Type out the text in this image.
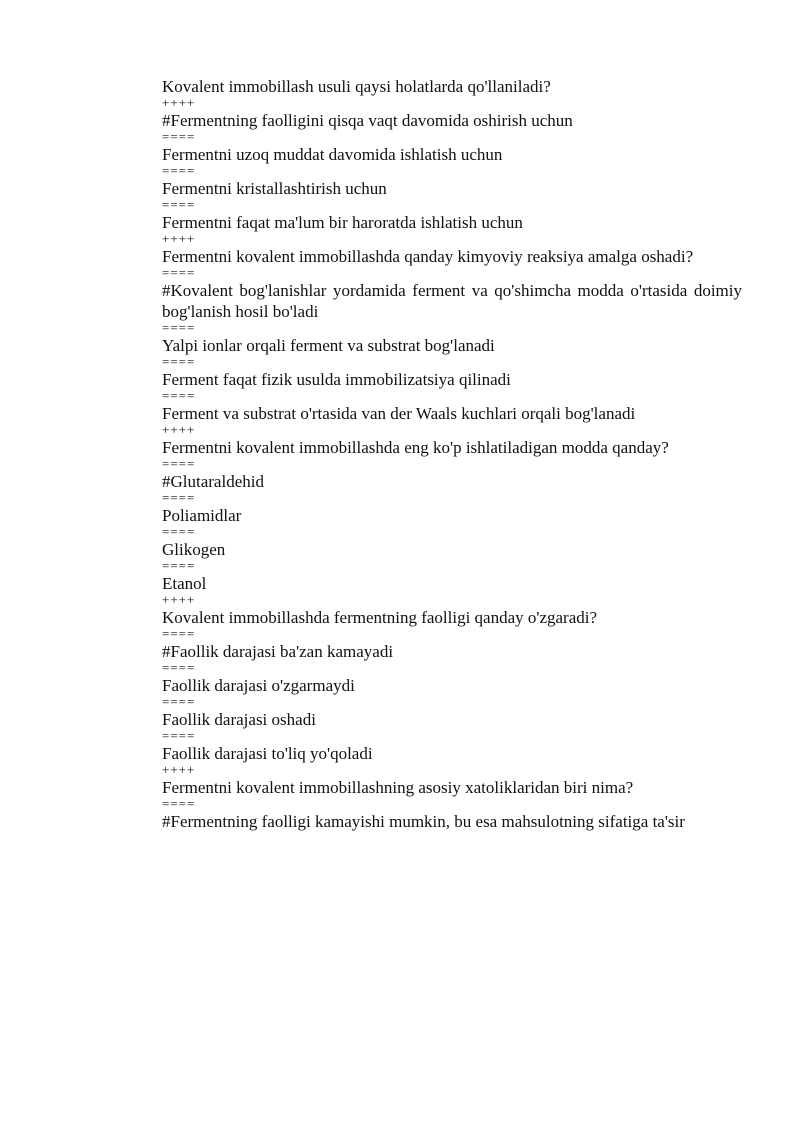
Kovalent immobillash usuli qaysi holatlarda qo'llaniladi?
++++
#Fermentning faolligini qisqa vaqt davomida oshirish uchun
====
Fermentni uzoq muddat davomida ishlatish uchun
====
Fermentni kristallashtirish uchun
====
Fermentni faqat ma'lum bir haroratda ishlatish uchun
++++
Fermentni kovalent immobillashda qanday kimyoviy reaksiya amalga oshadi?
====
#Kovalent bog'lanishlar yordamida ferment va qo'shimcha modda o'rtasida doimiy bog'lanish hosil bo'ladi
====
Yalpi ionlar orqali ferment va substrat bog'lanadi
====
Ferment faqat fizik usulda immobilizatsiya qilinadi
====
Ferment va substrat o'rtasida van der Waals kuchlari orqali bog'lanadi
++++
Fermentni kovalent immobillashda eng ko'p ishlatiladigan modda qanday?
====
#Glutaraldehid
====
Poliamidlar
====
Glikogen
====
Etanol
++++
Kovalent immobillashda fermentning faolligi qanday o'zgaradi?
====
#Faollik darajasi ba'zan kamayadi
====
Faollik darajasi o'zgarmaydi
====
Faollik darajasi oshadi
====
Faollik darajasi to'liq yo'qoladi
++++
Fermentni kovalent immobillashning asosiy xatoliklaridan biri nima?
====
#Fermentning faolligi kamayishi mumkin, bu esa mahsulotning sifatiga ta'sir
